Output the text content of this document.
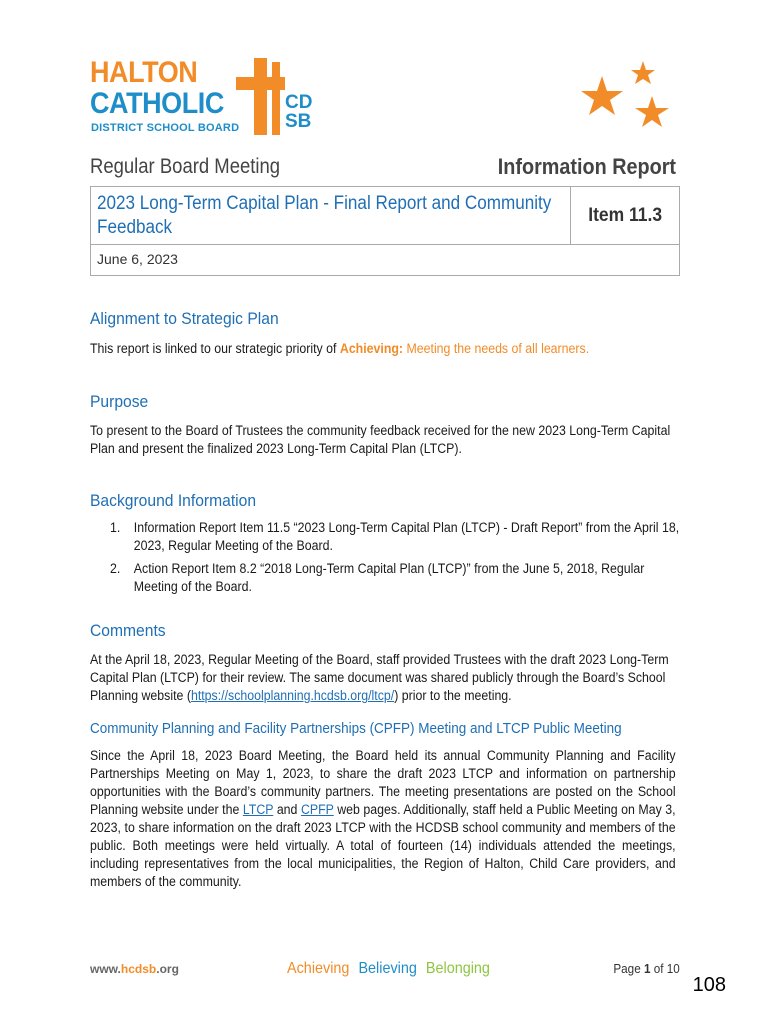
HALTON
CATHOLIC
DISTRICT SCHOOL BOARD
CD
SB
Regular Board Meeting	Information Report
2023 Long-Term Capital Plan - Final Report and Community Feedback
Item 11.3
June 6, 2023
Alignment to Strategic Plan
This report is linked to our strategic priority of Achieving: Meeting the needs of all learners.
Purpose
To present to the Board of Trustees the community feedback received for the new 2023 Long-Term Capital Plan and present the finalized 2023 Long-Term Capital Plan (LTCP).
Background Information
1. Information Report Item 11.5 “2023 Long-Term Capital Plan (LTCP) - Draft Report” from the April 18, 2023, Regular Meeting of the Board.
2. Action Report Item 8.2 “2018 Long-Term Capital Plan (LTCP)” from the June 5, 2018, Regular Meeting of the Board.
Comments
At the April 18, 2023, Regular Meeting of the Board, staff provided Trustees with the draft 2023 Long-Term Capital Plan (LTCP) for their review. The same document was shared publicly through the Board’s School Planning website (https://schoolplanning.hcdsb.org/ltcp/) prior to the meeting.
Community Planning and Facility Partnerships (CPFP) Meeting and LTCP Public Meeting
Since the April 18, 2023 Board Meeting, the Board held its annual Community Planning and Facility Partnerships Meeting on May 1, 2023, to share the draft 2023 LTCP and information on partnership opportunities with the Board’s community partners. The meeting presentations are posted on the School Planning website under the LTCP and CPFP web pages. Additionally, staff held a Public Meeting on May 3, 2023, to share information on the draft 2023 LTCP with the HCDSB school community and members of the public. Both meetings were held virtually. A total of fourteen (14) individuals attended the meetings, including representatives from the local municipalities, the Region of Halton, Child Care providers, and members of the community.
www.hcdsb.org	Achieving Believing Belonging	Page 1 of 10
108
